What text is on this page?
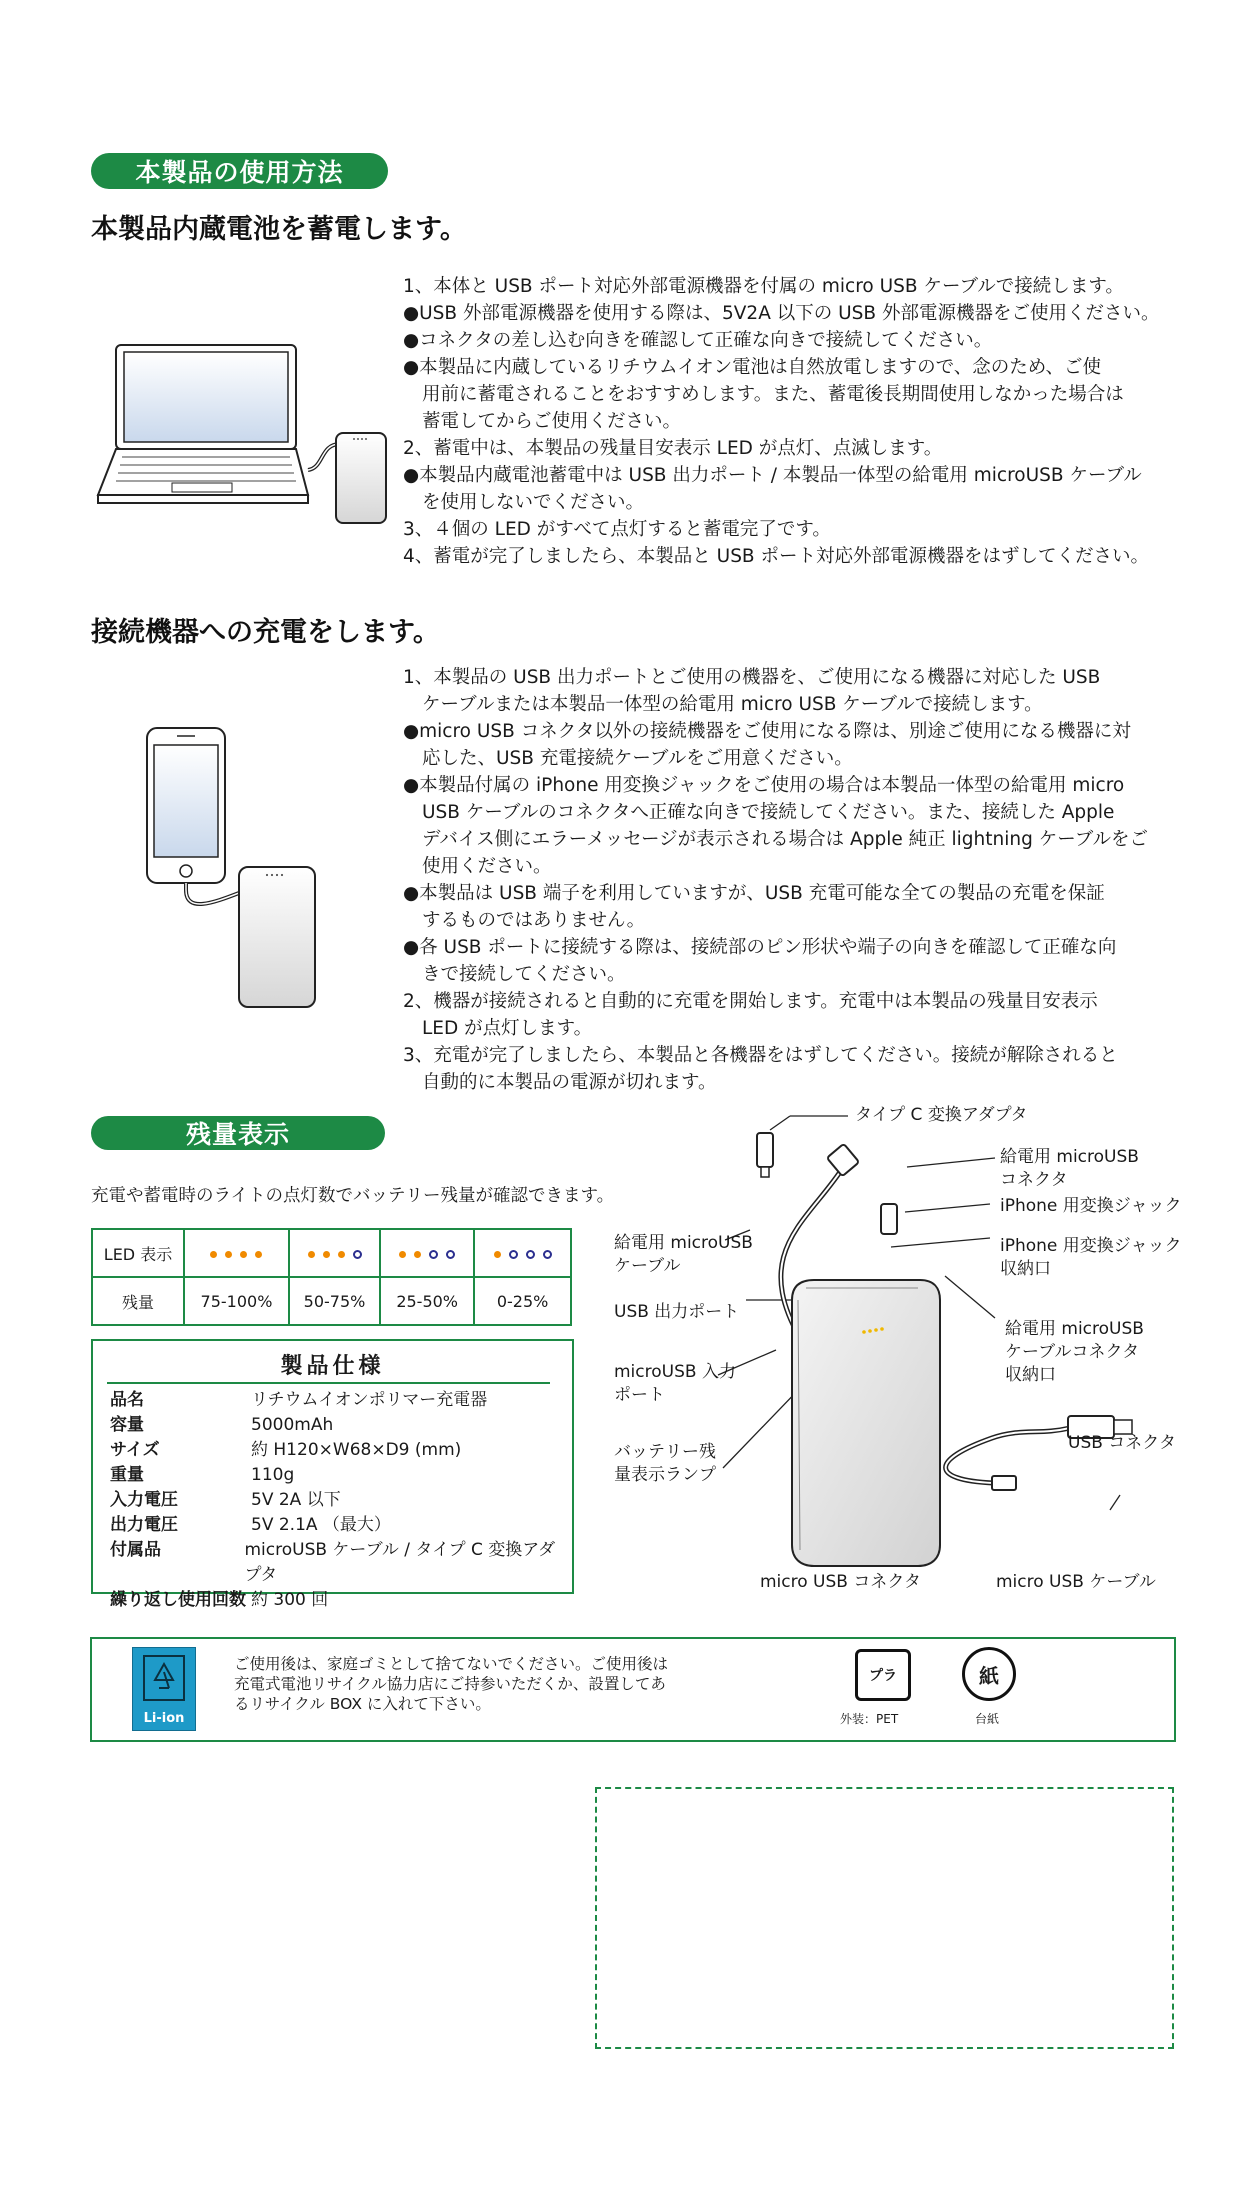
本製品の使用方法
本製品内蔵電池を蓄電します。

1、本体と USB ポート対応外部電源機器を付属の micro USB ケーブルで接続します。

●USB 外部電源機器を使用する際は、5V2A 以下の USB 外部電源機器をご使用ください。

●コネクタの差し込む向きを確認して正確な向きで接続してください。

●本製品に内蔵しているリチウムイオン電池は自然放電しますので、念のため、ご使

用前に蓄電されることをおすすめします。また、蓄電後長期間使用しなかった場合は

蓄電してからご使用ください。

2、蓄電中は、本製品の残量目安表示 LED が点灯、点滅します。

●本製品内蔵電池蓄電中は USB 出力ポート / 本製品一体型の給電用 microUSB ケーブル

を使用しないでください。

3、４個の LED がすべて点灯すると蓄電完了です。

4、蓄電が完了しましたら、本製品と USB ポート対応外部電源機器をはずしてください。

接続機器への充電をします。

1、本製品の USB 出力ポートとご使用の機器を、ご使用になる機器に対応した USB

ケーブルまたは本製品一体型の給電用 micro USB ケーブルで接続します。

●micro USB コネクタ以外の接続機器をご使用になる際は、別途ご使用になる機器に対

応した、USB 充電接続ケーブルをご用意ください。

●本製品付属の iPhone 用変換ジャックをご使用の場合は本製品一体型の給電用 micro

USB ケーブルのコネクタへ正確な向きで接続してください。また、接続した Apple

デバイス側にエラーメッセージが表示される場合は Apple 純正 lightning ケーブルをご

使用ください。

●本製品は USB 端子を利用していますが、USB 充電可能な全ての製品の充電を保証

するものではありません。

●各 USB ポートに接続する際は、接続部のピン形状や端子の向きを確認して正確な向

きで接続してください。

2、機器が接続されると自動的に充電を開始します。充電中は本製品の残量目安表示

LED が点灯します。

3、充電が完了しましたら、本製品と各機器をはずしてください。接続が解除されると

自動的に本製品の電源が切れます。

残量表示
充電や蓄電時のライトの点灯数でバッテリー残量が確認できます。
LED 表示				
残量	75-100%	50-75%	25-50%	0-25%
製品仕様
品名	リチウムイオンポリマー充電器
容量	5000mAh
サイズ	約 H120×W68×D9 (mm)
重量	110g
入力電圧	5V 2A 以下
出力電圧	5V 2.1A （最大）
付属品	microUSB ケーブル / タイプ C 変換アダプタ
繰り返し使用回数 約 300 回
タイプ C 変換アダプタ
給電用 microUSB
コネクタ
iPhone 用変換ジャック
給電用 microUSB
ケーブル
iPhone 用変換ジャック
収納口
USB 出力ポート
給電用 microUSB
ケーブルコネクタ
収納口
microUSB 入力
ポート
バッテリー残
量表示ランプ
USB コネクタ
micro USB コネクタ	micro USB ケーブル
Li-ion
ご使用後は、家庭ゴミとして捨てないでください。ご使用後は
充電式電池リサイクル協力店にご持参いただくか、設置してあ
るリサイクル BOX に入れて下さい。
プラ
外装：PET
紙
台紙
